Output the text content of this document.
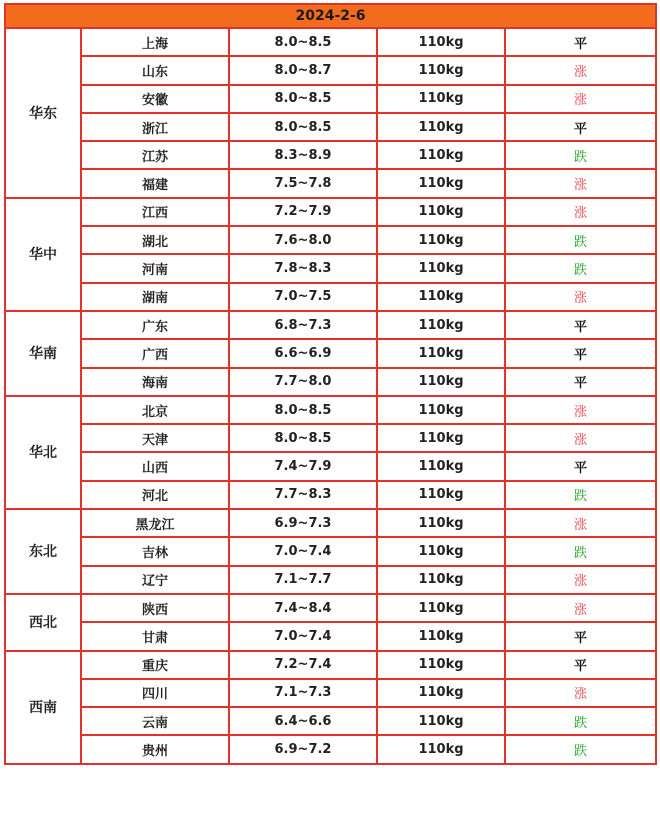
2024-2-6				
华东	上海	8.0~8.5	110kg	平
	山东	8.0~8.7	110kg	涨
	安徽	8.0~8.5	110kg	涨
	浙江	8.0~8.5	110kg	平
	江苏	8.3~8.9	110kg	跌
	福建	7.5~7.8	110kg	涨
华中	江西	7.2~7.9	110kg	涨
	湖北	7.6~8.0	110kg	跌
	河南	7.8~8.3	110kg	跌
	湖南	7.0~7.5	110kg	涨
华南	广东	6.8~7.3	110kg	平
	广西	6.6~6.9	110kg	平
	海南	7.7~8.0	110kg	平
华北	北京	8.0~8.5	110kg	涨
	天津	8.0~8.5	110kg	涨
	山西	7.4~7.9	110kg	平
	河北	7.7~8.3	110kg	跌
东北	黑龙江	6.9~7.3	110kg	涨
	吉林	7.0~7.4	110kg	跌
	辽宁	7.1~7.7	110kg	涨
西北	陕西	7.4~8.4	110kg	涨
	甘肃	7.0~7.4	110kg	平
西南	重庆	7.2~7.4	110kg	平
	四川	7.1~7.3	110kg	涨
	云南	6.4~6.6	110kg	跌
	贵州	6.9~7.2	110kg	跌
